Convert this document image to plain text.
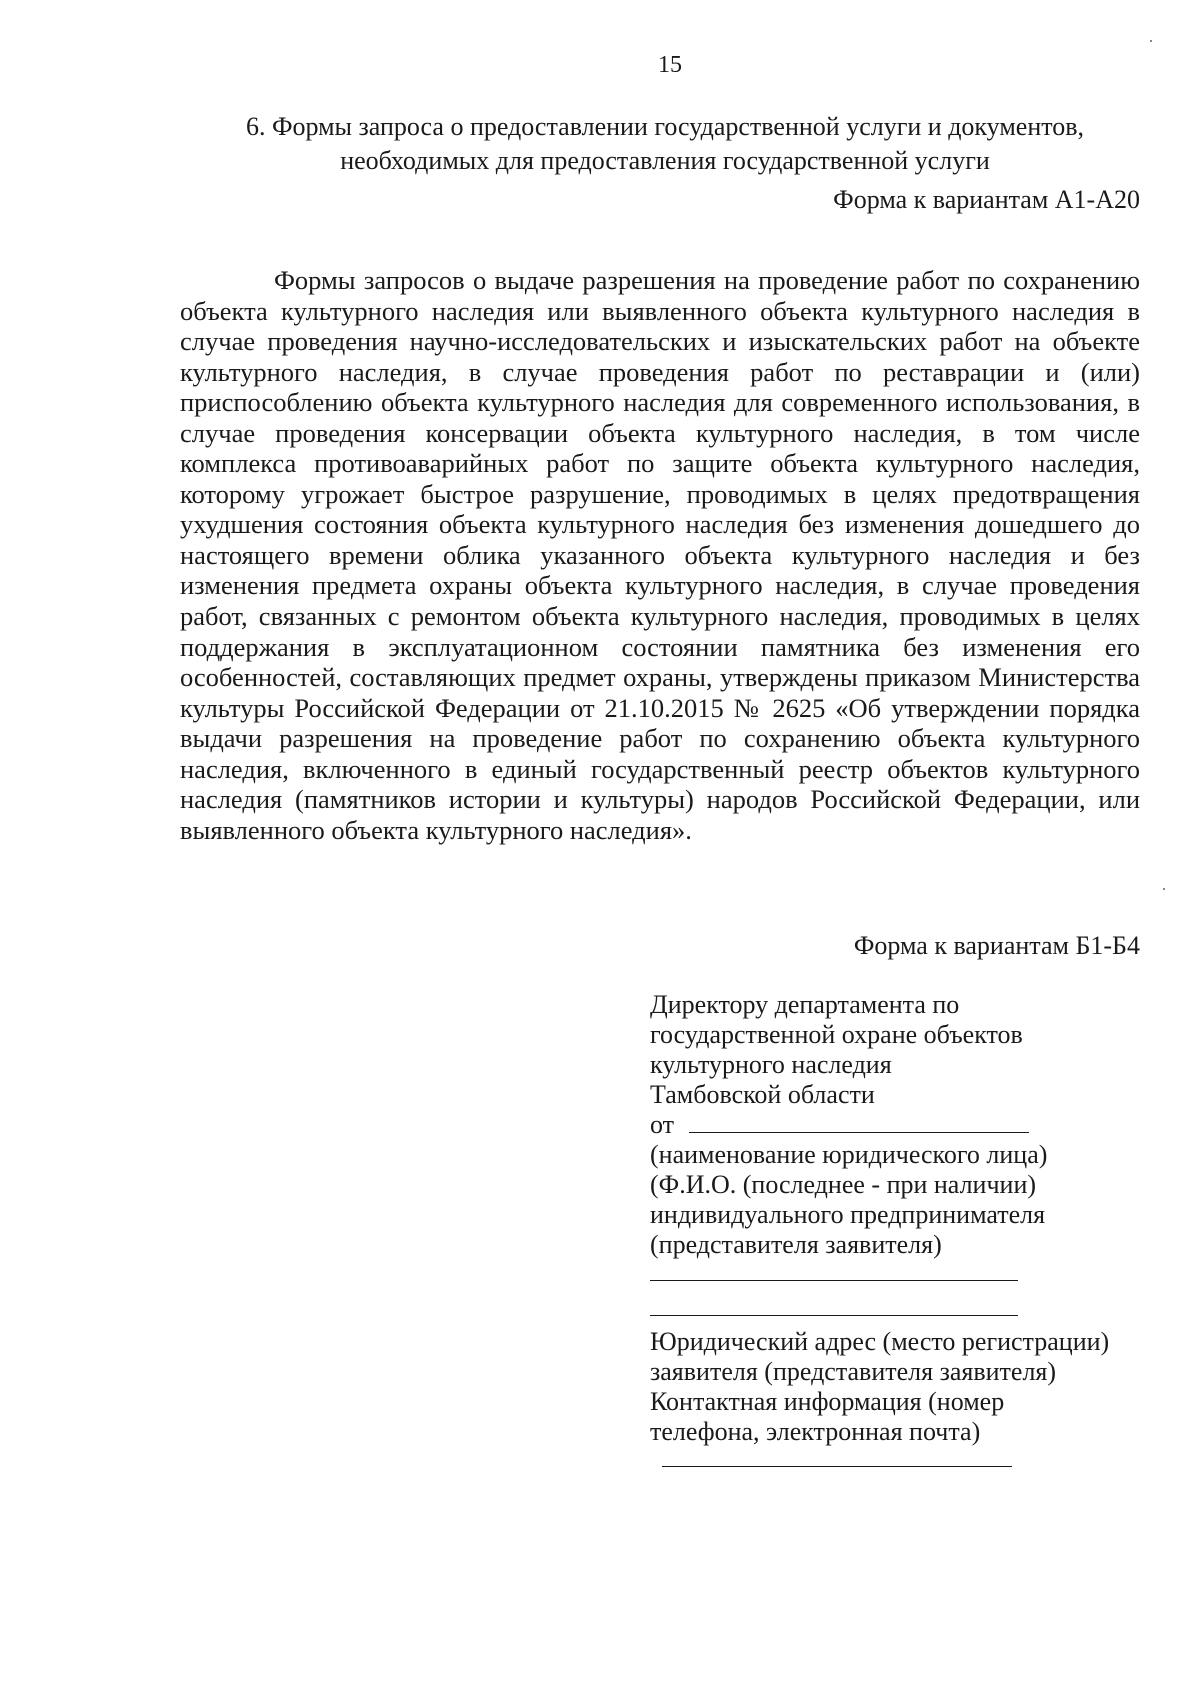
15
6. Формы запроса о предоставлении государственной услуги и документов,
необходимых для предоставления государственной услуги
Форма к вариантам А1-А20
Формы запросов о выдаче разрешения на проведение работ по сохранению объекта культурного наследия или выявленного объекта культурного наследия в случае проведения научно-исследовательских и изыскательских работ на объекте культурного наследия, в случае проведения работ по реставрации и (или) приспособлению объекта культурного наследия для современного использования, в случае проведения консервации объекта культурного наследия, в том числе комплекса противоаварийных работ по защите объекта культурного наследия, которому угрожает быстрое разрушение, проводимых в целях предотвращения ухудшения состояния объекта культурного наследия без изменения дошедшего до настоящего времени облика указанного объекта культурного наследия и без изменения предмета охраны объекта культурного наследия, в случае проведения работ, связанных с ремонтом объекта культурного наследия, проводимых в целях поддержания в эксплуатационном состоянии памятника без изменения его особенностей, составляющих предмет охраны, утверждены приказом Министерства культуры Российской Федерации от 21.10.2015 № 2625 «Об утверждении порядка выдачи разрешения на проведение работ по сохранению объекта культурного наследия, включенного в единый государственный реестр объектов культурного наследия (памятников истории и культуры) народов Российской Федерации, или выявленного объекта культурного наследия».
Форма к вариантам Б1-Б4
Директору департамента по
государственной охране объектов
культурного наследия
Тамбовской области
от
(наименование юридического лица)
(Ф.И.О. (последнее - при наличии)
индивидуального предпринимателя
(представителя заявителя)
Юридический адрес (место регистрации)
заявителя (представителя заявителя)
Контактная информация (номер
телефона, электронная почта)
